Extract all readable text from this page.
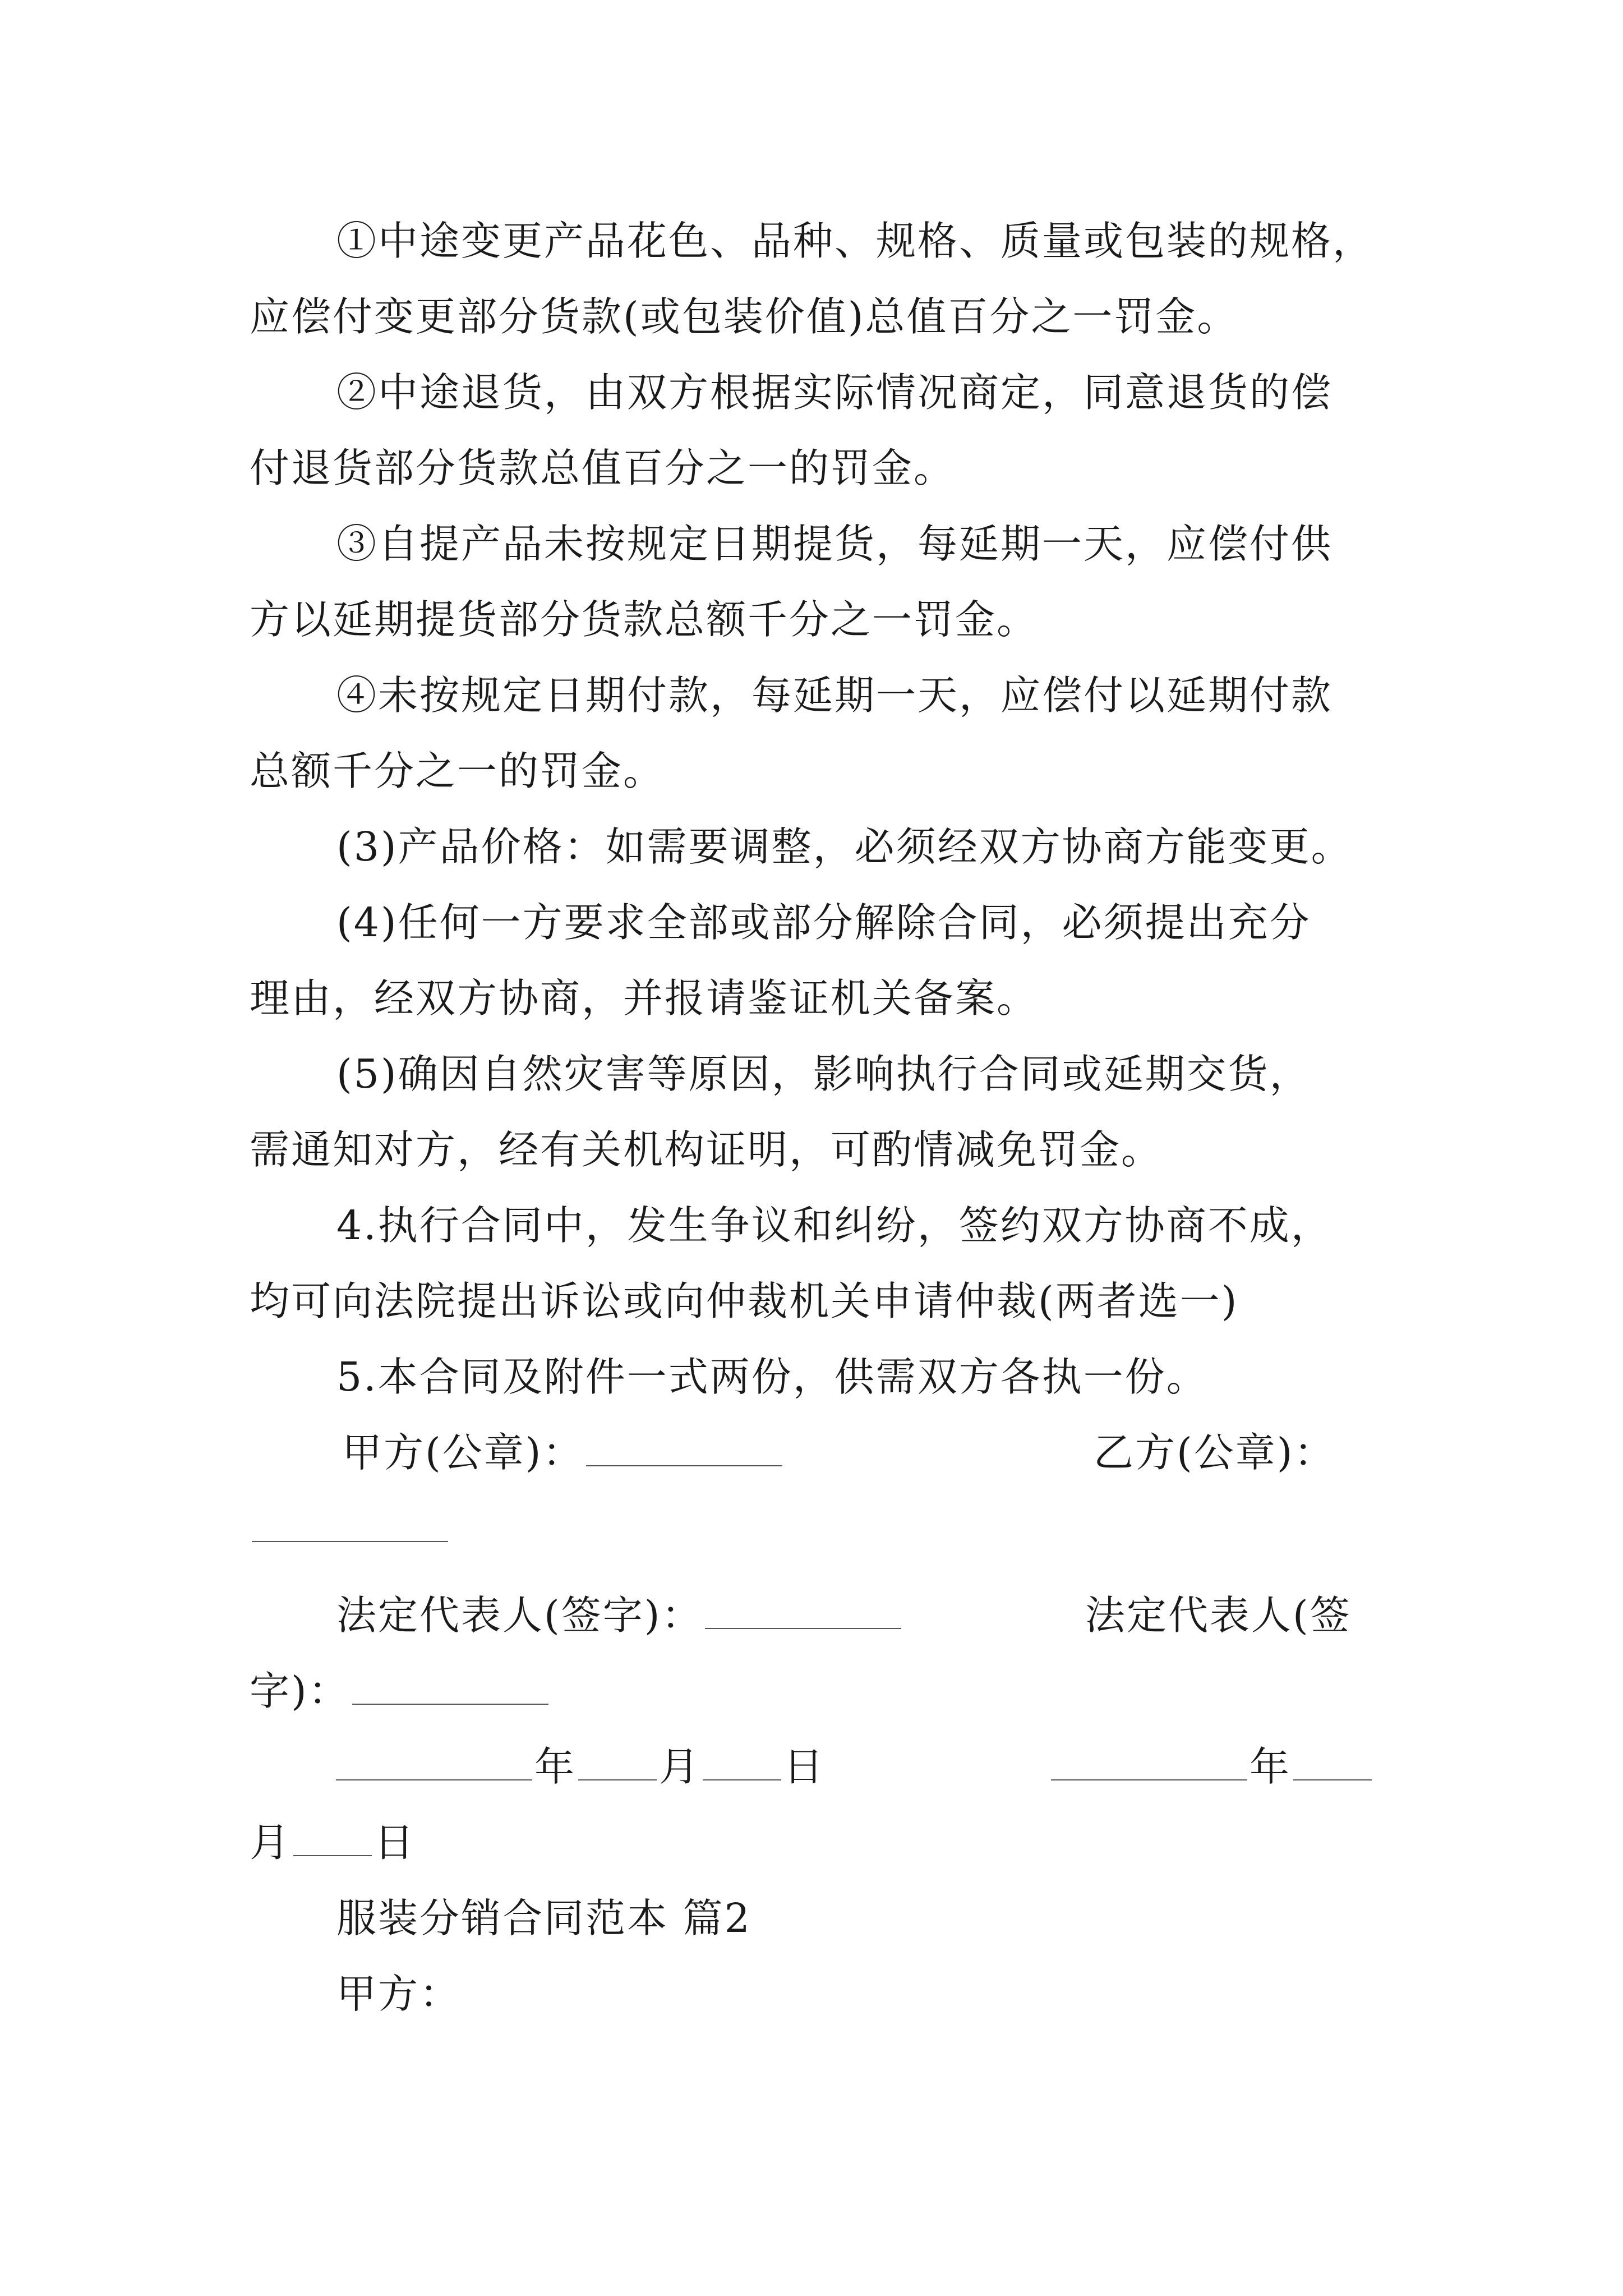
①中途变更产品花色、品种、规格、质量或包装的规格，
应偿付变更部分货款(或包装价值)总值百分之一罚金。
②中途退货，由双方根据实际情况商定，同意退货的偿
付退货部分货款总值百分之一的罚金。
③自提产品未按规定日期提货，每延期一天，应偿付供
方以延期提货部分货款总额千分之一罚金。
④未按规定日期付款，每延期一天，应偿付以延期付款
总额千分之一的罚金。
(3)产品价格：如需要调整，必须经双方协商方能变更。
(4)任何一方要求全部或部分解除合同，必须提出充分
理由，经双方协商，并报请鉴证机关备案。
(5)确因自然灾害等原因，影响执行合同或延期交货，
需通知对方，经有关机构证明，可酌情减免罚金。
4.执行合同中，发生争议和纠纷，签约双方协商不成，
均可向法院提出诉讼或向仲裁机关申请仲裁(两者选一)
5.本合同及附件一式两份，供需双方各执一份。
甲方(公章)：	乙方(公章)：
法定代表人(签字)：	法定代表人(签
字)：
年 月 日	年
月 日
服装分销合同范本 篇2
甲方：
